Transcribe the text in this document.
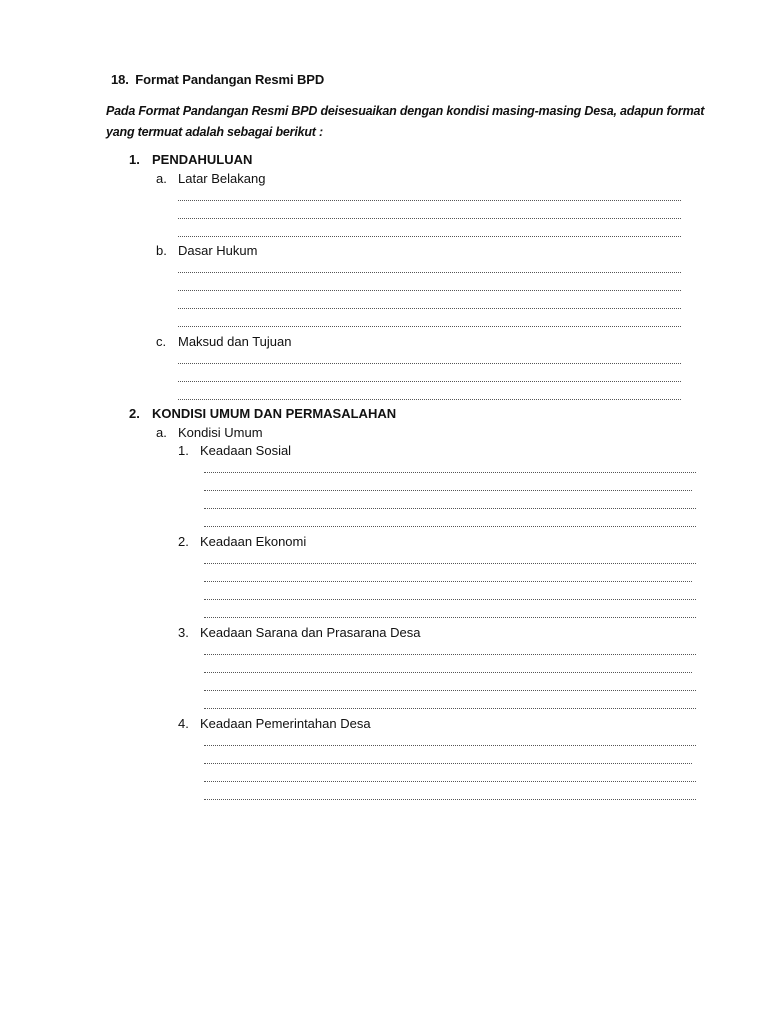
18. Format Pandangan Resmi BPD
Pada Format Pandangan Resmi BPD deisesuaikan dengan kondisi masing-masing Desa, adapun format yang termuat adalah sebagai berikut :
1. PENDAHULUAN
a. Latar Belakang
b. Dasar Hukum
c. Maksud dan Tujuan
2. KONDISI UMUM DAN PERMASALAHAN
a. Kondisi Umum
1. Keadaan Sosial
2. Keadaan Ekonomi
3. Keadaan Sarana dan Prasarana Desa
4. Keadaan Pemerintahan Desa
